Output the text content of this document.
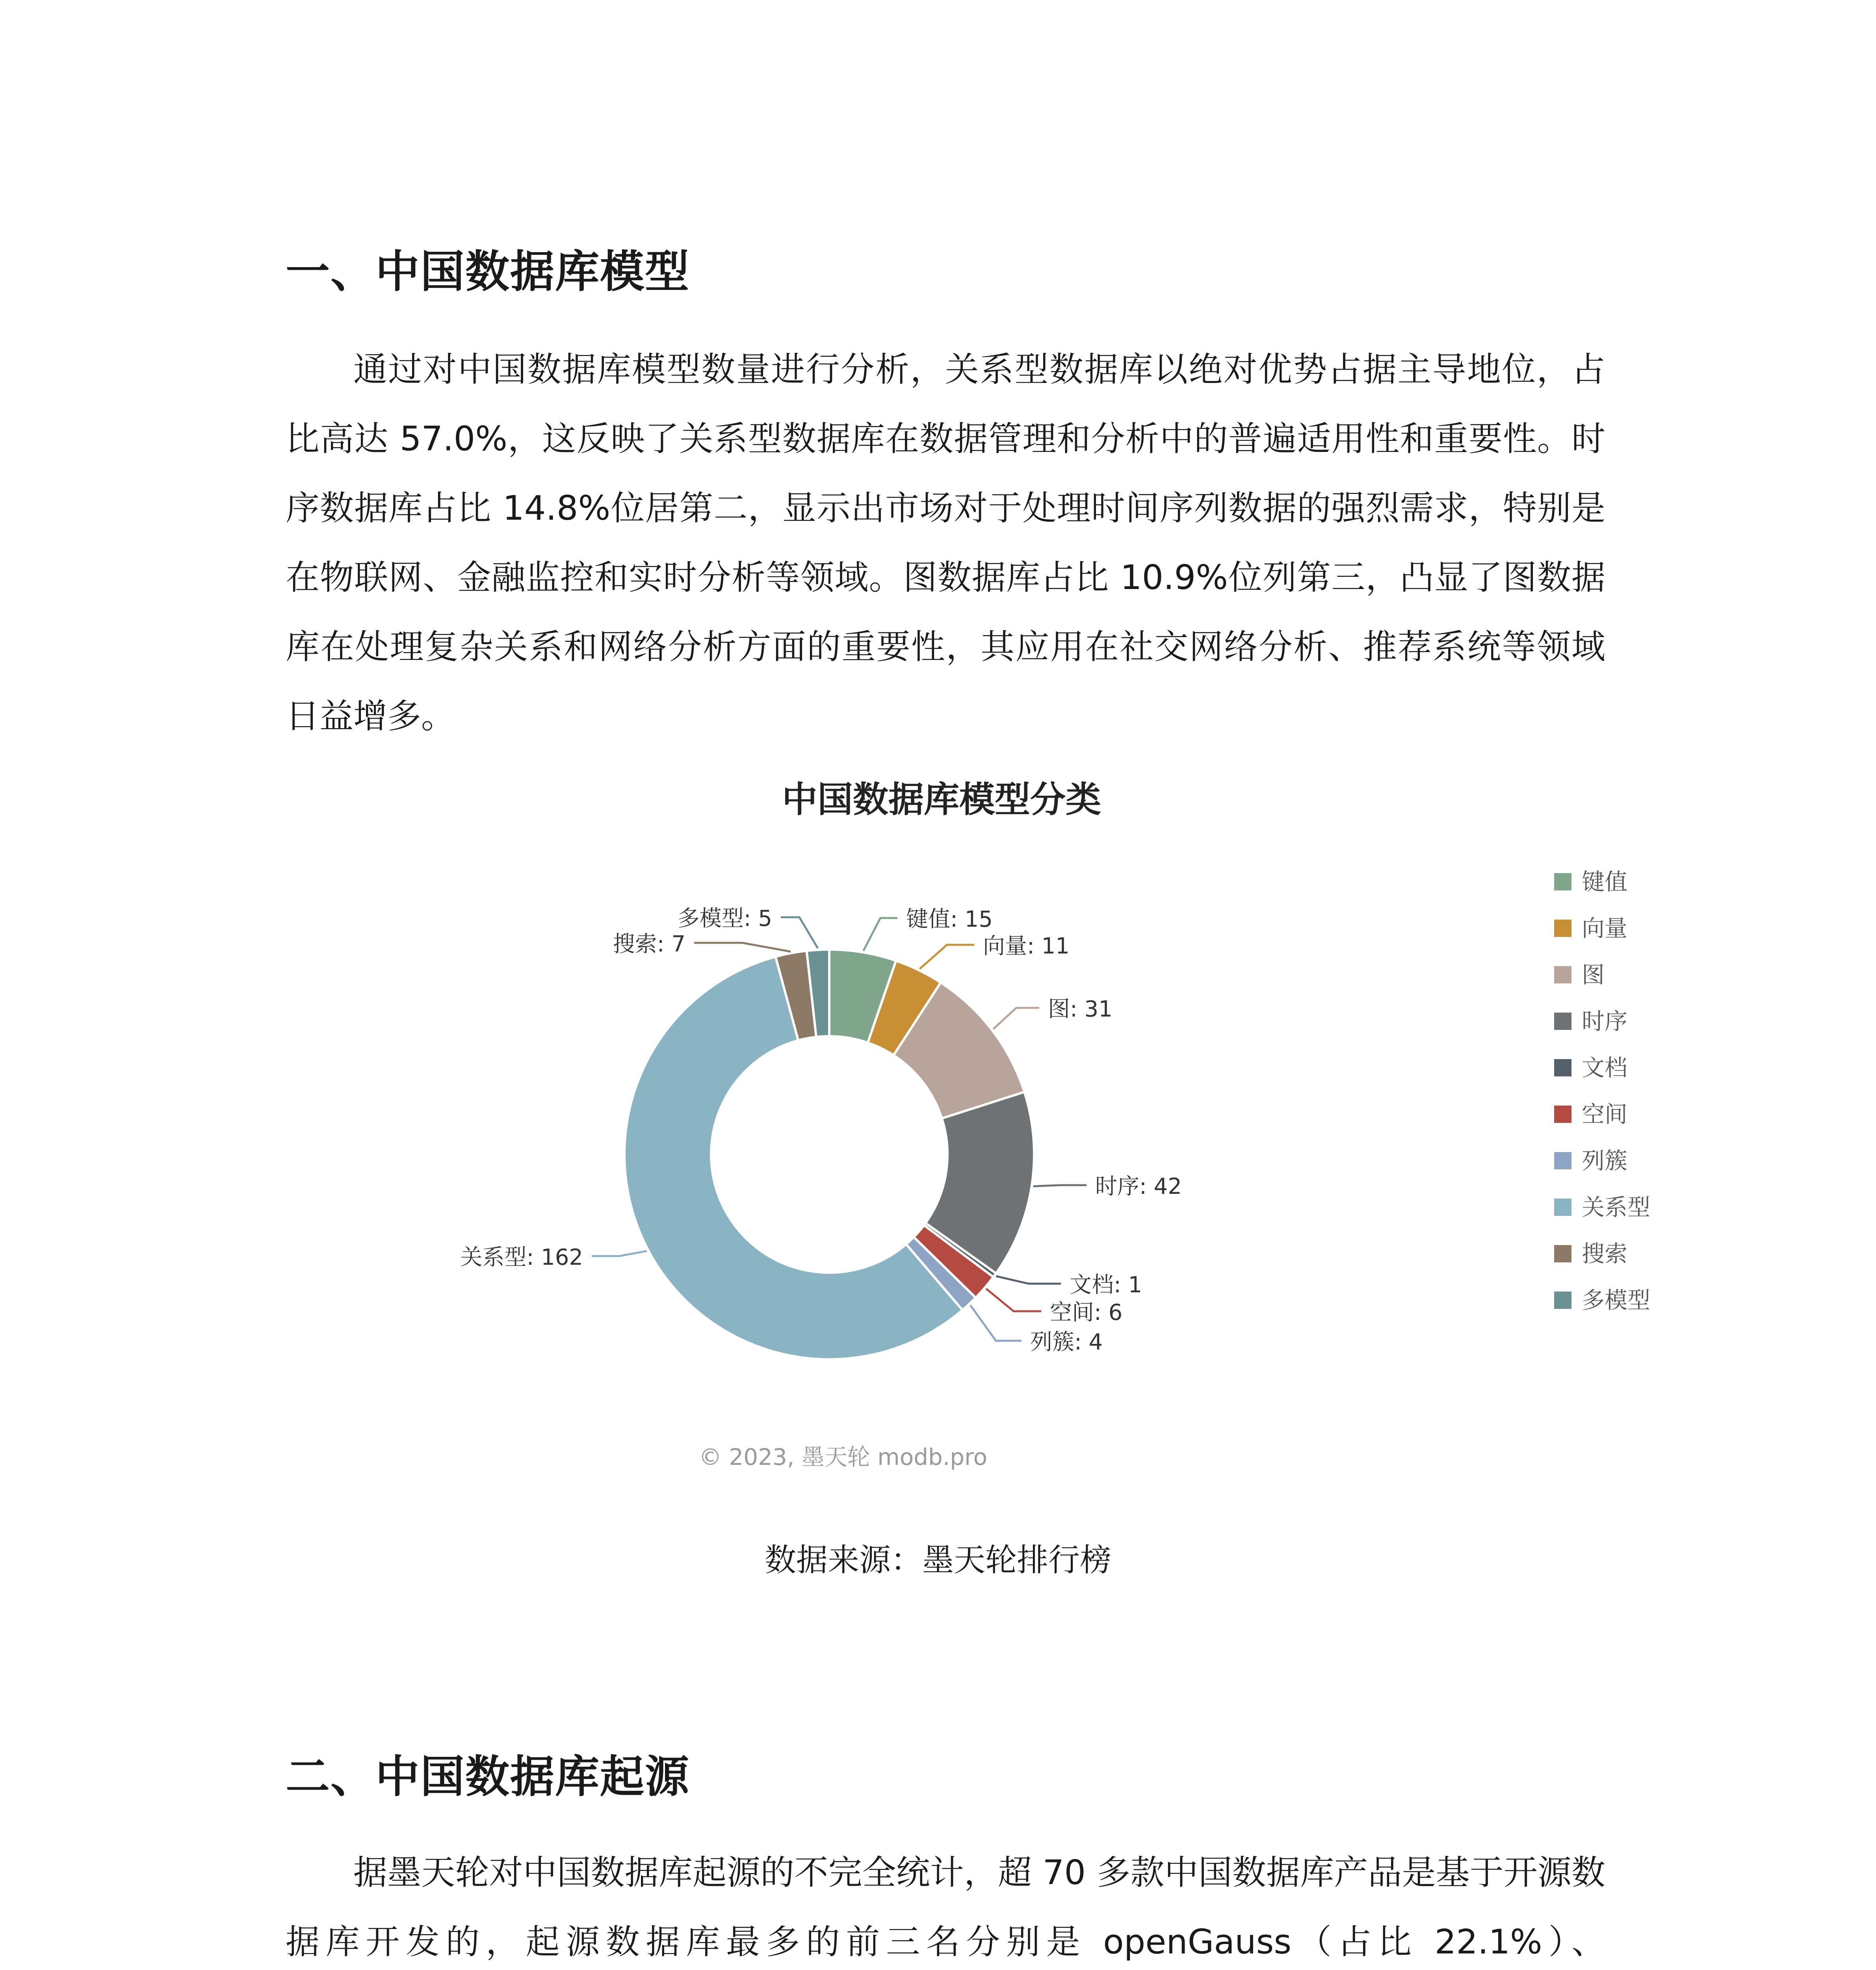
一、中国数据库模型

通过对中国数据库模型数量进行分析，关系型数据库以绝对优势占据主导地位，占比高达 57.0%，这反映了关系型数据库在数据管理和分析中的普遍适用性和重要性。时序数据库占比 14.8%位居第二，显示出市场对于处理时间序列数据的强烈需求，特别是在物联网、金融监控和实时分析等领域。图数据库占比 10.9%位列第三，凸显了图数据库在处理复杂关系和网络分析方面的重要性，其应用在社交网络分析、推荐系统等领域日益增多。

中国数据库模型分类
键值: 15
向量: 11
图: 31
时序: 42
文档: 1
空间: 6
列簇: 4
关系型: 162
搜索: 7
多模型: 5
键值
向量
图
时序
文档
空间
列簇
关系型
搜索
多模型
© 2023, 墨天轮 modb.pro
数据来源：墨天轮排行榜
二、中国数据库起源

据墨天轮对中国数据库起源的不完全统计，超 70 多款中国数据库产品是基于开源数据库开发的，起源数据库最多的前三名分别是 openGauss（占比 22.1%）、
